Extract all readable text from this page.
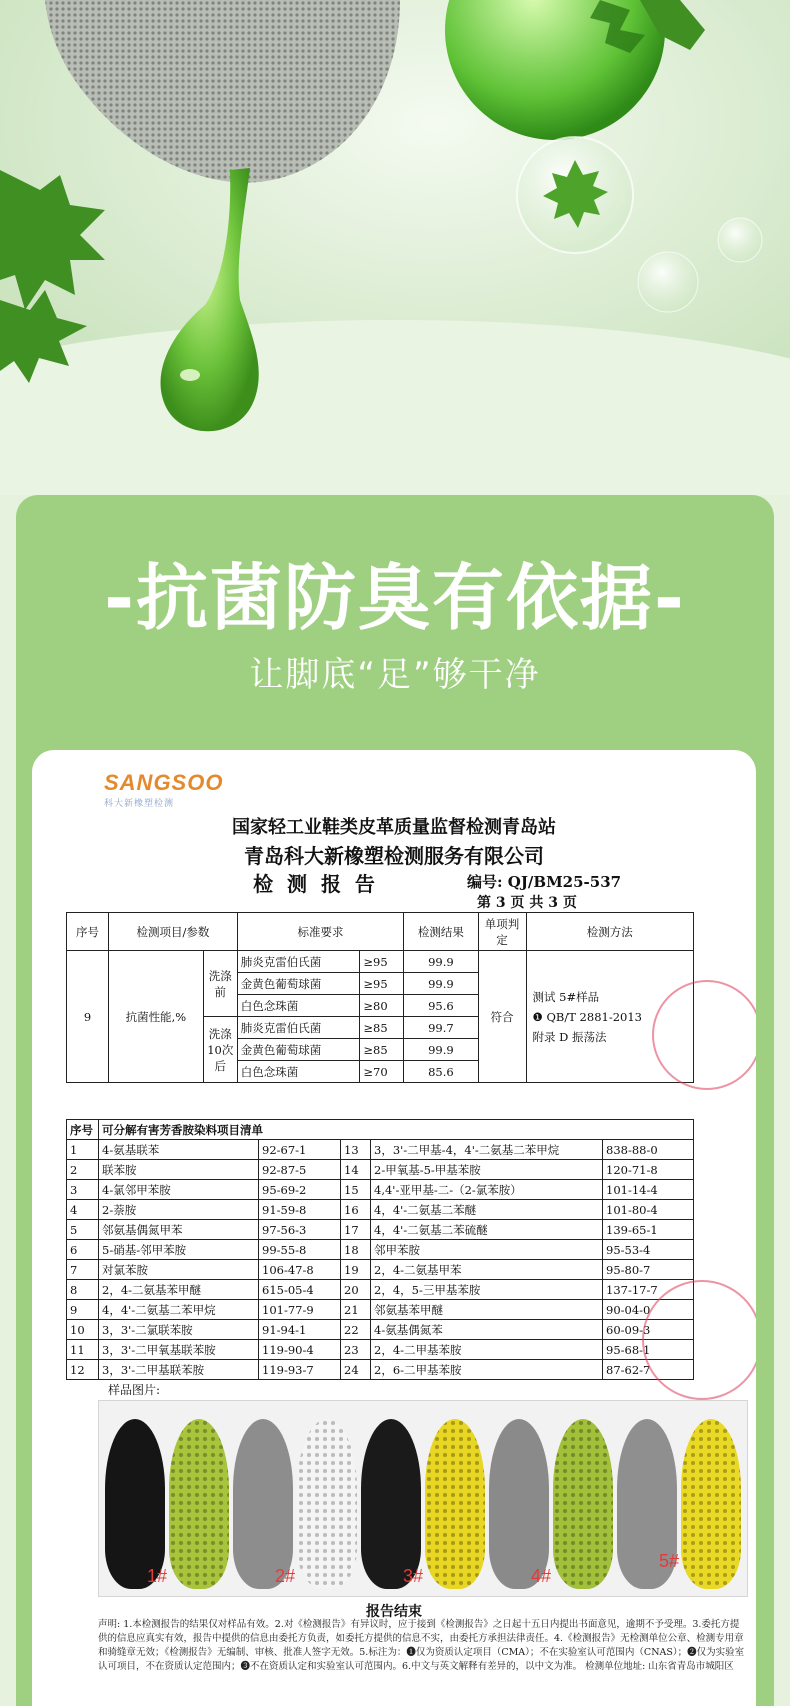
-抗菌防臭有依据-
让脚底“足”够干净
SANGSOO
科大新橡塑检测
国家轻工业鞋类皮革质量监督检测青岛站
青岛科大新橡塑检测服务有限公司
检  测  报  告	编号: QJ/BM25-537
第 3 页 共 3 页
序号	检测项目/参数		标准要求		检测结果	单项判定	检测方法
9	抗菌性能,%	洗涤前	肺炎克雷伯氏菌	≥95	99.9	符合	测试 5#样品
❶ QB/T 2881-2013
附录 D 振荡法

			金黄色葡萄球菌	≥95	99.9		
			白色念珠菌	≥80	95.6		
		洗涤10次后	肺炎克雷伯氏菌	≥85	99.7		
			金黄色葡萄球菌	≥85	99.9		
			白色念珠菌	≥70	85.6		
序号	可分解有害芳香胺染料项目清单				
1	4-氨基联苯	92-67-1	13	3，3'-二甲基-4，4'-二氨基二苯甲烷	838-88-0
2	联苯胺	92-87-5	14	2-甲氧基-5-甲基苯胺	120-71-8
3	4-氯邻甲苯胺	95-69-2	15	4,4'-亚甲基-二-（2-氯苯胺）	101-14-4
4	2-萘胺	91-59-8	16	4，4'-二氨基二苯醚	101-80-4
5	邻氨基偶氮甲苯	97-56-3	17	4，4'-二氨基二苯硫醚	139-65-1
6	5-硝基-邻甲苯胺	99-55-8	18	邻甲苯胺	95-53-4
7	对氯苯胺	106-47-8	19	2，4-二氨基甲苯	95-80-7
8	2，4-二氨基苯甲醚	615-05-4	20	2，4，5-三甲基苯胺	137-17-7
9	4，4'-二氨基二苯甲烷	101-77-9	21	邻氨基苯甲醚	90-04-0
10	3，3'-二氯联苯胺	91-94-1	22	4-氨基偶氮苯	60-09-3
11	3，3'-二甲氧基联苯胺	119-90-4	23	2，4-二甲基苯胺	95-68-1
12	3，3'-二甲基联苯胺	119-93-7	24	2，6-二甲基苯胺	87-62-7
样品图片:
1#	2#	3#	4#
5#
报告结束
声明: 1.本检测报告的结果仅对样品有效。2.对《检测报告》有异议时，应于接到《检测报告》之日起十五日内提出书面意见，逾期不予受理。3.委托方提供的信息应真实有效，报告中提供的信息由委托方负责，如委托方提供的信息不实，由委托方承担法律责任。4.《检测报告》无检测单位公章、检测专用章和骑缝章无效；《检测报告》无编制、审核、批准人签字无效。5.标注为：❶仅为资质认定项目（CMA）；不在实验室认可范围内（CNAS）；❷仅为实验室认可项目，不在资质认定范围内；❸不在资质认定和实验室认可范围内。6.中文与英文解释有差异的，以中文为准。 检测单位地址: 山东省青岛市城阳区
